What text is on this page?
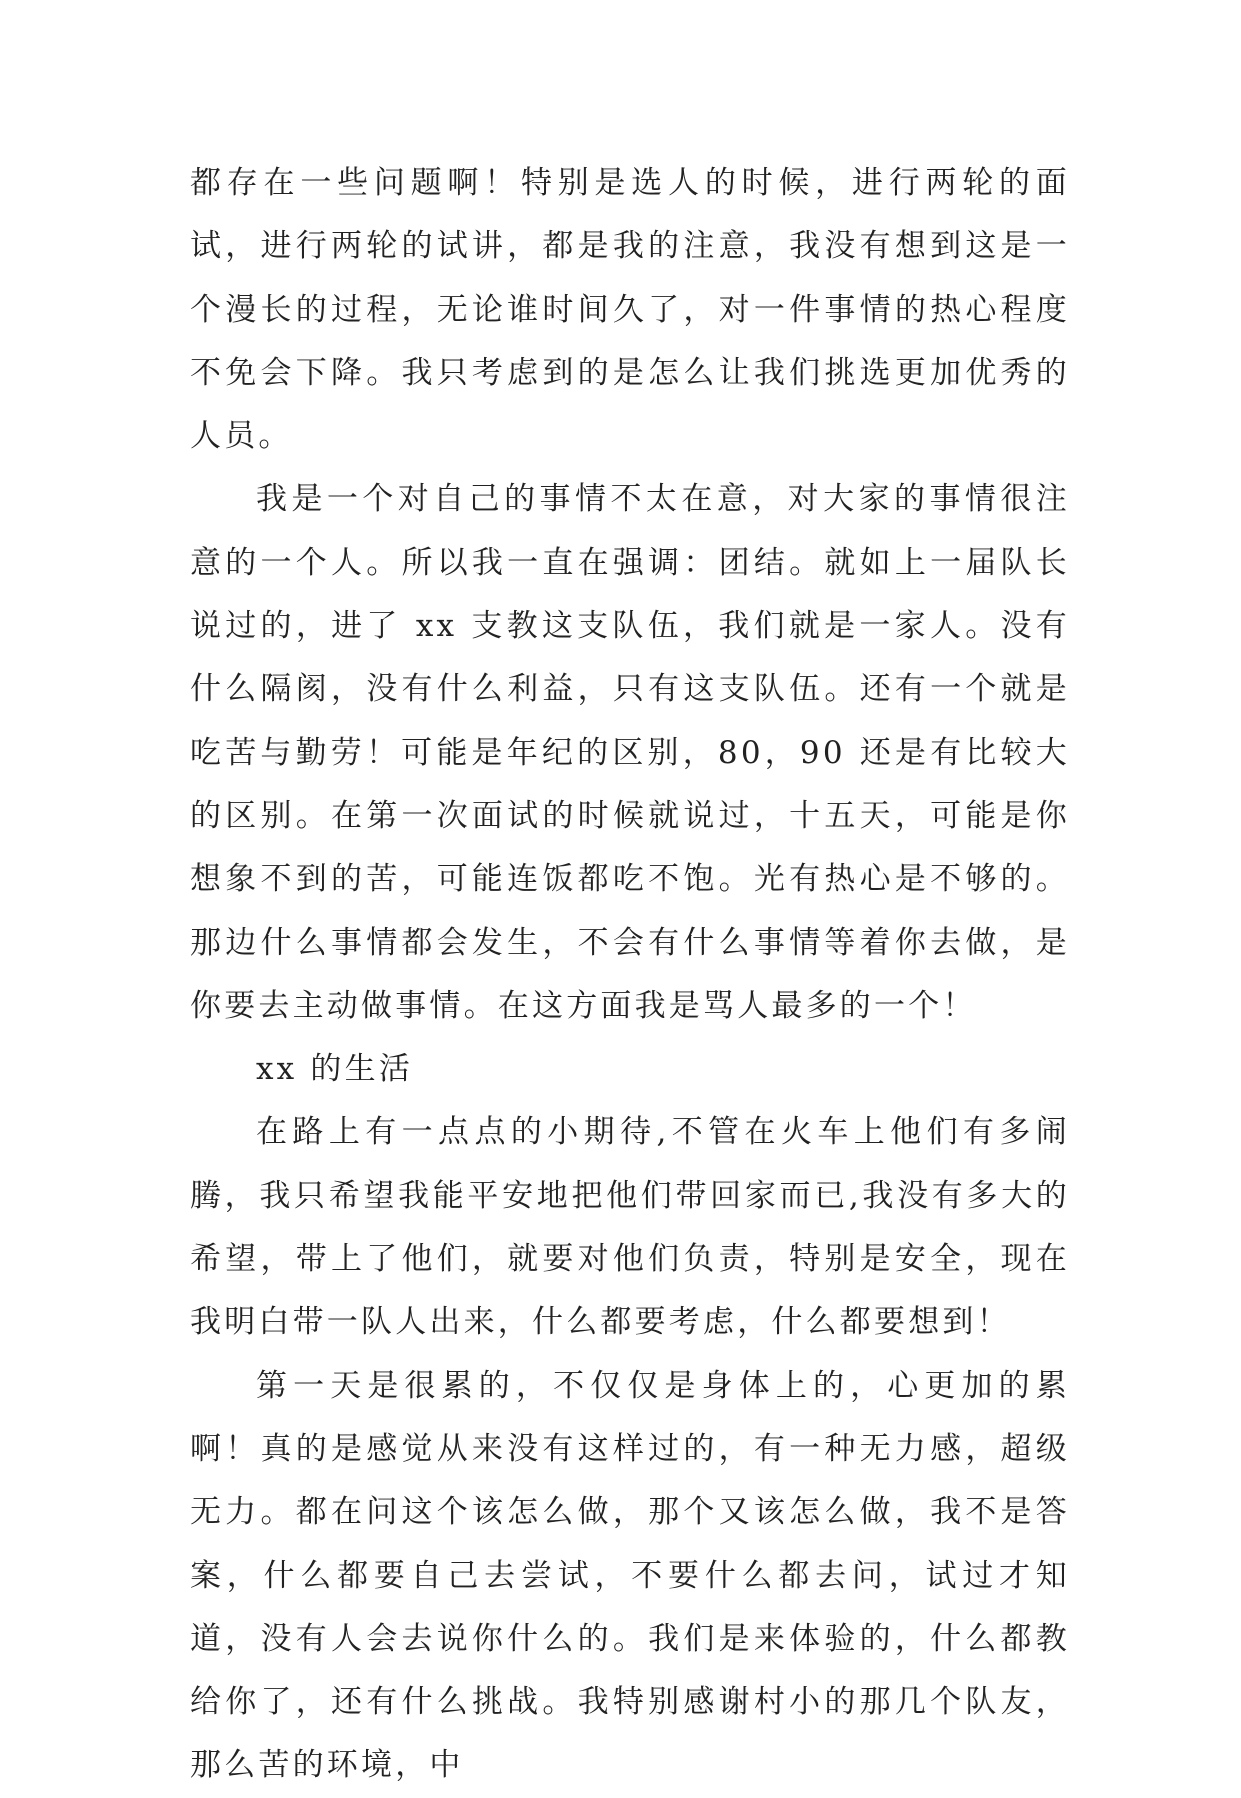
都存在一些问题啊！特别是选人的时候，进行两轮的面试，进行两轮的试讲，都是我的注意，我没有想到这是一个漫长的过程，无论谁时间久了，对一件事情的热心程度不免会下降。我只考虑到的是怎么让我们挑选更加优秀的人员。

我是一个对自己的事情不太在意，对大家的事情很注意的一个人。所以我一直在强调：团结。就如上一届队长说过的，进了 xx 支教这支队伍，我们就是一家人。没有什么隔阂，没有什么利益，只有这支队伍。还有一个就是吃苦与勤劳！可能是年纪的区别，80，90 还是有比较大的区别。在第一次面试的时候就说过，十五天，可能是你想象不到的苦，可能连饭都吃不饱。光有热心是不够的。那边什么事情都会发生，不会有什么事情等着你去做，是你要去主动做事情。在这方面我是骂人最多的一个！

xx 的生活

在路上有一点点的小期待,不管在火车上他们有多闹腾，我只希望我能平安地把他们带回家而已,我没有多大的希望，带上了他们，就要对他们负责，特别是安全，现在我明白带一队人出来，什么都要考虑，什么都要想到！

第一天是很累的，不仅仅是身体上的，心更加的累啊！真的是感觉从来没有这样过的，有一种无力感，超级无力。都在问这个该怎么做，那个又该怎么做，我不是答案，什么都要自己去尝试，不要什么都去问，试过才知道，没有人会去说你什么的。我们是来体验的，什么都教给你了，还有什么挑战。我特别感谢村小的那几个队友，那么苦的环境，中
